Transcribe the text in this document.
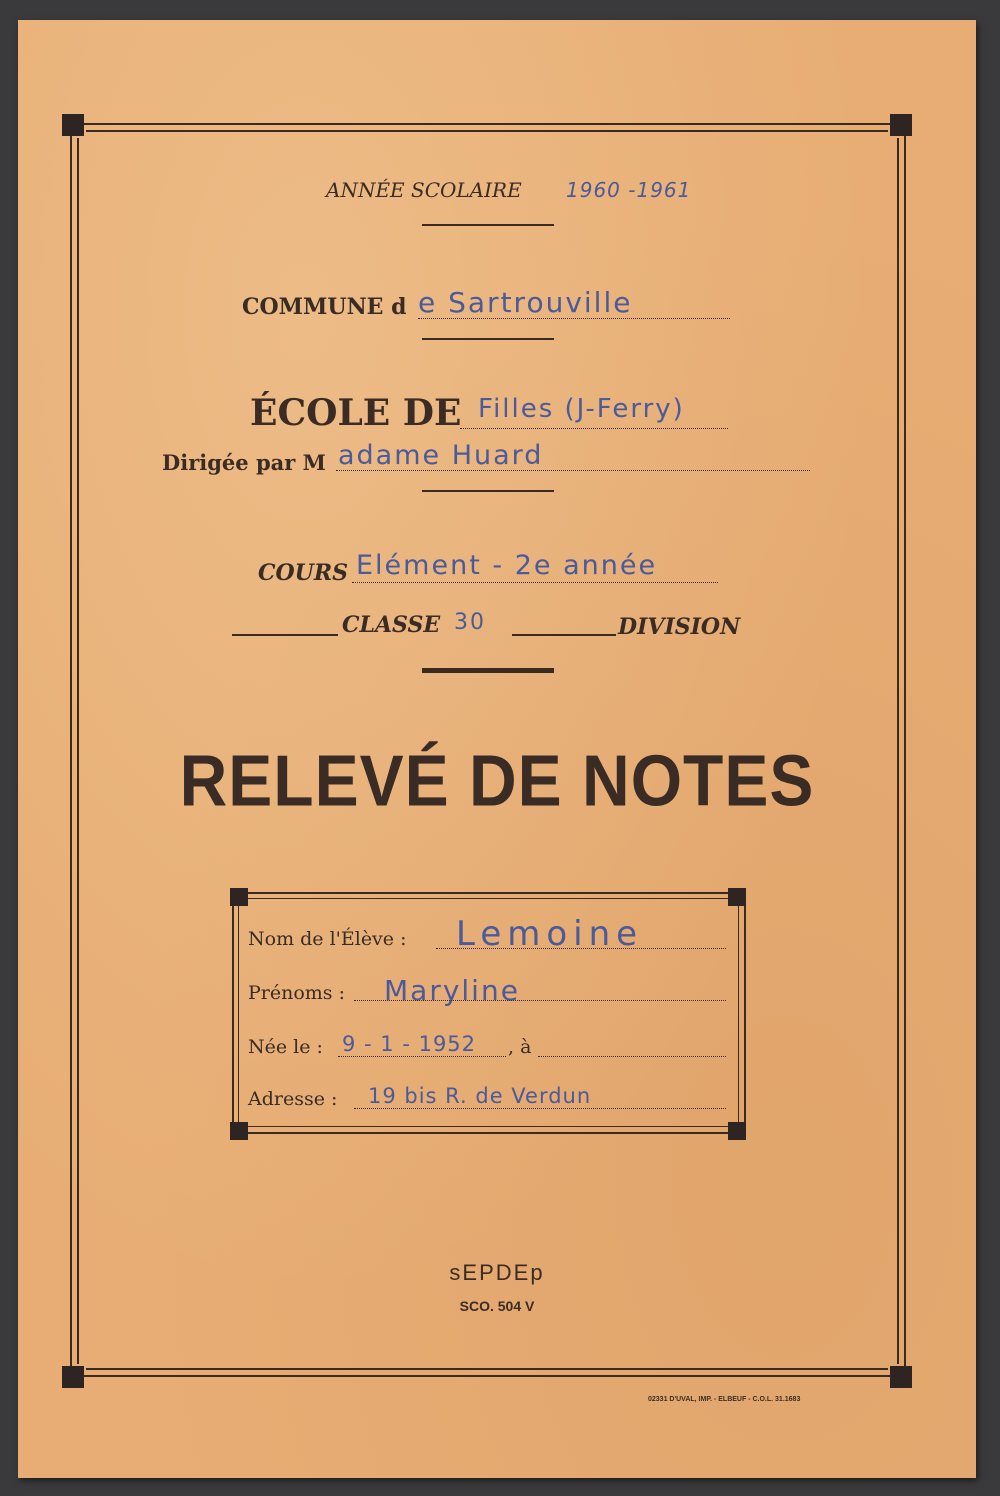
ANNÉE SCOLAIRE 1960 -1961
COMMUNE d e Sartrouville
ÉCOLE DE Filles (J-Ferry)
Dirigée par M adame Huard
COURS Elément - 2e année
CLASSE 30	DIVISION
RELEVÉ DE NOTES
Nom de l'Élève : Lemoine
Prénoms : Maryline
Née le : 9 - 1 - 1952 , à
Adresse : 19 bis R. de Verdun
sEPDEp
SCO. 504 V
02331 D'UVAL, IMP. - ELBEUF - C.O.L. 31.1683
